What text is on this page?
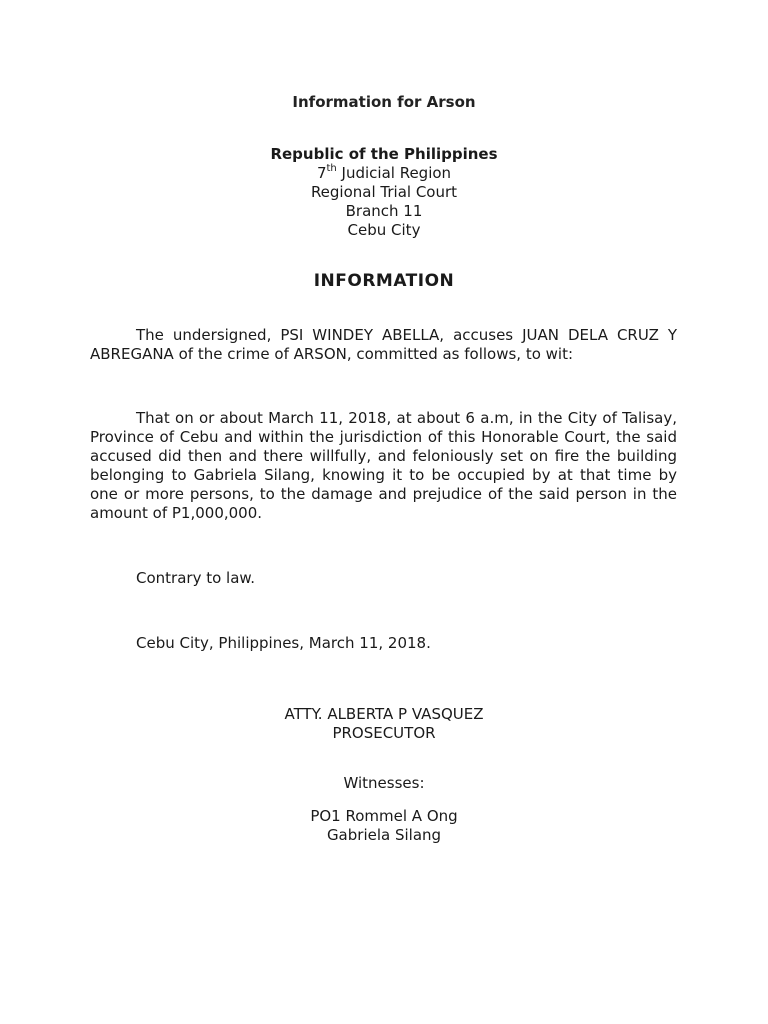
Information for Arson
Republic of the Philippines
7th Judicial Region
Regional Trial Court
Branch 11
Cebu City
INFORMATION

The undersigned, PSI WINDEY ABELLA, accuses JUAN DELA CRUZ Y ABREGANA of the crime of ARSON, committed as follows, to wit:

That on or about March 11, 2018, at about 6 a.m, in the City of Talisay, Province of Cebu and within the jurisdiction of this Honorable Court, the said accused did then and there willfully, and feloniously set on fire the building belonging to Gabriela Silang, knowing it to be occupied by at that time by one or more persons, to the damage and prejudice of the said person in the amount of P1,000,000.

Contrary to law.
Cebu City, Philippines, March 11, 2018.
ATTY. ALBERTA P VASQUEZ
PROSECUTOR
Witnesses:
PO1 Rommel A Ong
Gabriela Silang
